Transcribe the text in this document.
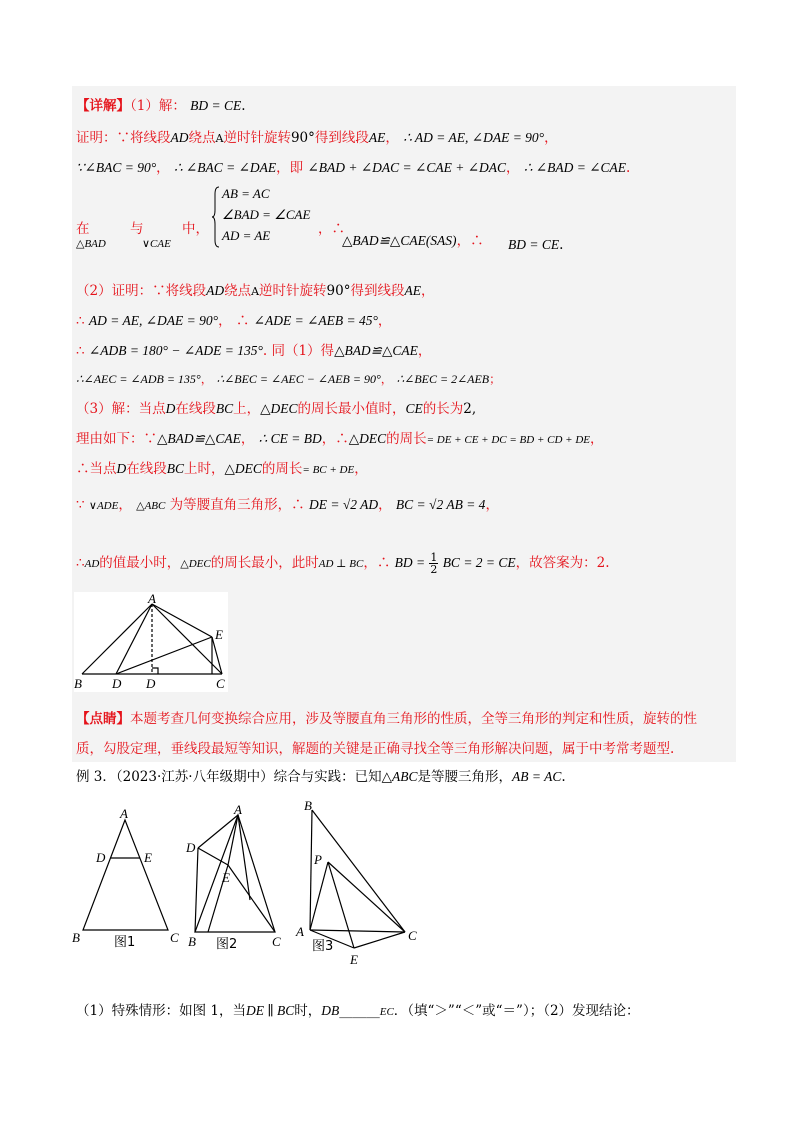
【详解】（1）解： BD = CE.
证明：∵将线段AD绕点A逆时针旋转90°得到线段AE， ∴ AD = AE, ∠DAE = 90°，
∵∠BAC = 90°， ∴ ∠BAC = ∠DAE，即 ∠BAD + ∠DAC = ∠CAE + ∠DAC， ∴ ∠BAD = ∠CAE.
在
△BAD
与
∨CAE
中，
AB = AC
∠BAD = ∠CAE
AD = AE	，∴
△BAD≌△CAE(SAS)，∴ BD = CE.
（2）证明：∵将线段AD绕点A逆时针旋转90°得到线段AE，
∴ AD = AE, ∠DAE = 90°， ∴ ∠ADE = ∠AEB = 45°，
∴ ∠ADB = 180° − ∠ADE = 135°. 同（1）得△BAD≌△CAE，
∴∠AEC = ∠ADB = 135°， ∴∠BEC = ∠AEC − ∠AEB = 90°， ∴∠BEC = 2∠AEB；
（3）解：当点D在线段BC上，△DEC的周长最小值时，CE的长为2,
理由如下：∵△BAD≌△CAE， ∴ CE = BD，∴△DEC的周长= DE + CE + DC = BD + CD + DE，
∴当点D在线段BC上时，△DEC的周长= BC + DE，
∵ ∨ADE， △ABC 为等腰直角三角形，∴ DE = √2 AD， BC = √2 AB = 4，
∴AD的值最小时，△DEC的周长最小，此时AD ⊥ BC，∴ BD = $\frac{1}{2}$ BC = 2 = CE，故答案为：2.
A
E
B D D	C
【点睛】本题考查几何变换综合应用，涉及等腰直角三角形的性质，全等三角形的判定和性质，旋转的性
质，勾股定理，垂线段最短等知识，解题的关键是正确寻找全等三角形解决问题，属于中考常考题型.
例 3．（2023·江苏·八年级期中）综合与实践：已知△ABC是等腰三角形，AB = AC.
A
D	E
B	C
图1
A
D
E
B	C
图2
B
P
A	C
E
图3
（1）特殊情形：如图 1，当DE ∥ BC时，DB______EC．（填“＞”“＜”或“＝”）；（2）发现结论：
